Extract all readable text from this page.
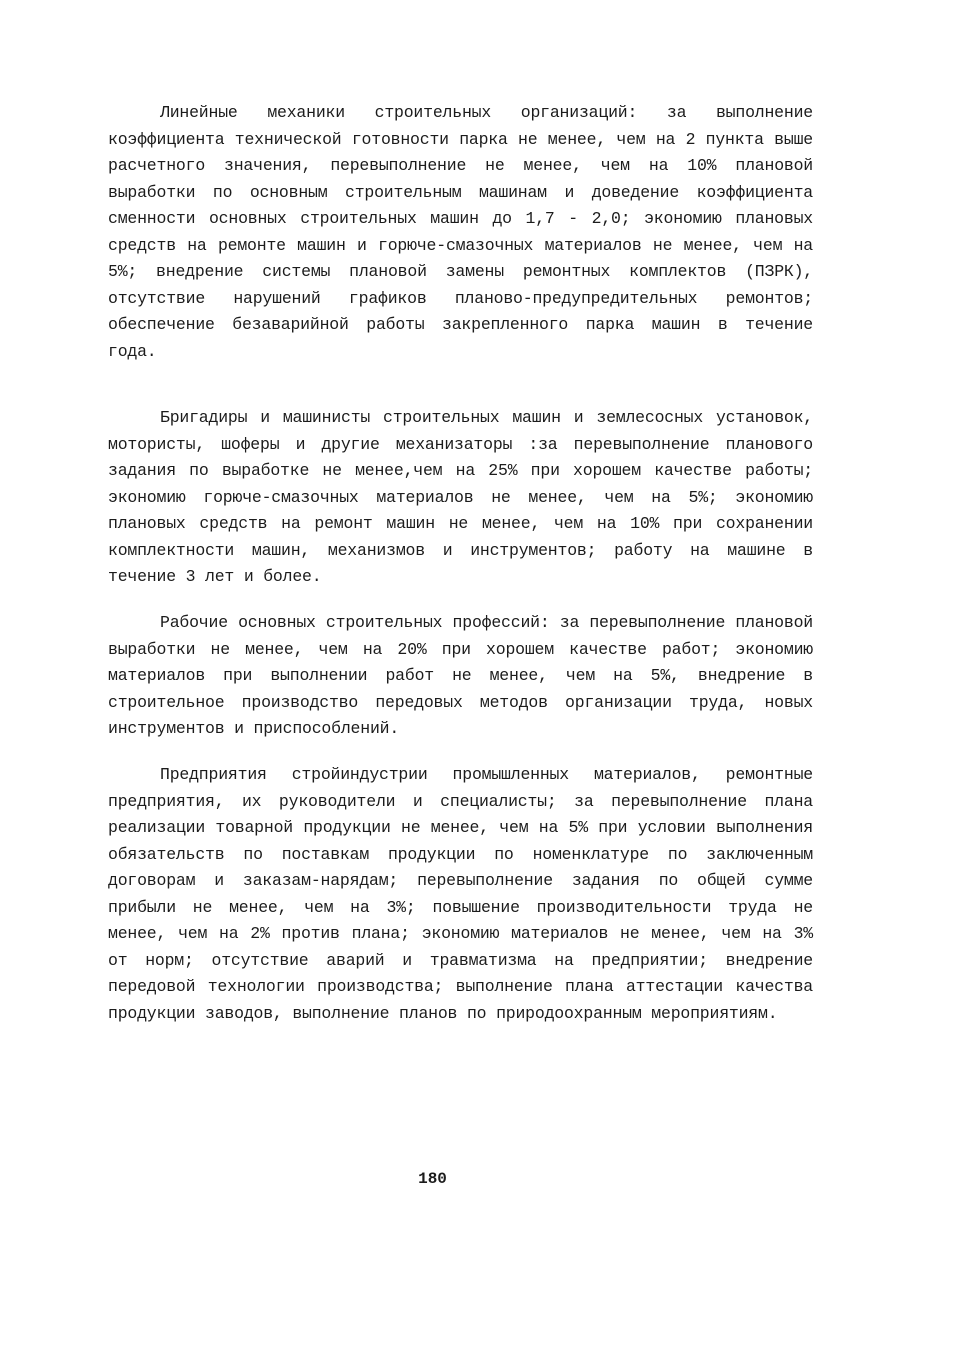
Линейные механики строительных организаций: за выполнение коэффициента технической готовности парка не менее, чем на 2 пункта выше расчетного значения, перевыполнение не менее, чем на 10% плановой выработки по основным строительным машинам и доведение коэффициента сменности основных строительных машин до 1,7 - 2,0; экономию плановых средств на ремонте машин и горюче-смазочных материалов не менее, чем на 5%; внедрение системы плановой замены ремонтных комплектов (ПЗРК), отсутствие нарушений графиков планово-предупредительных ремонтов; обеспечение безаварийной работы закрепленного парка машин в течение года.

Бригадиры и машинисты строительных машин и землесосных установок, мотористы, шоферы и другие механизаторы :за перевыполнение планового задания по выработке не менее,чем на 25% при хорошем качестве работы; экономию горюче-смазочных материалов не менее, чем на 5%; экономию плановых средств на ремонт машин не менее, чем на 10% при сохранении комплектности машин, механизмов и инструментов; работу на машине в течение 3 лет и более.

Рабочие основных строительных профессий: за перевыполнение плановой выработки не менее, чем на 20% при хорошем качестве работ; экономию материалов при выполнении работ не менее, чем на 5%, внедрение в строительное производство передовых методов организации труда, новых инструментов и приспособлений.

Предприятия стройиндустрии промышленных материалов, ремонтные предприятия, их руководители и специалисты; за перевыполнение плана реализации товарной продукции не менее, чем на 5% при условии выполнения обязательств по поставкам продукции по номенклатуре по заключенным договорам и заказам-нарядам; перевыполнение задания по общей сумме прибыли не менее, чем на 3%; повышение производительности труда не менее, чем на 2% против плана; экономию материалов не менее, чем на 3% от норм; отсутствие аварий и травматизма на предприятии; внедрение передовой технологии производства; выполнение плана аттестации качества продукции заводов, выполнение планов по природоохранным мероприятиям.

180
